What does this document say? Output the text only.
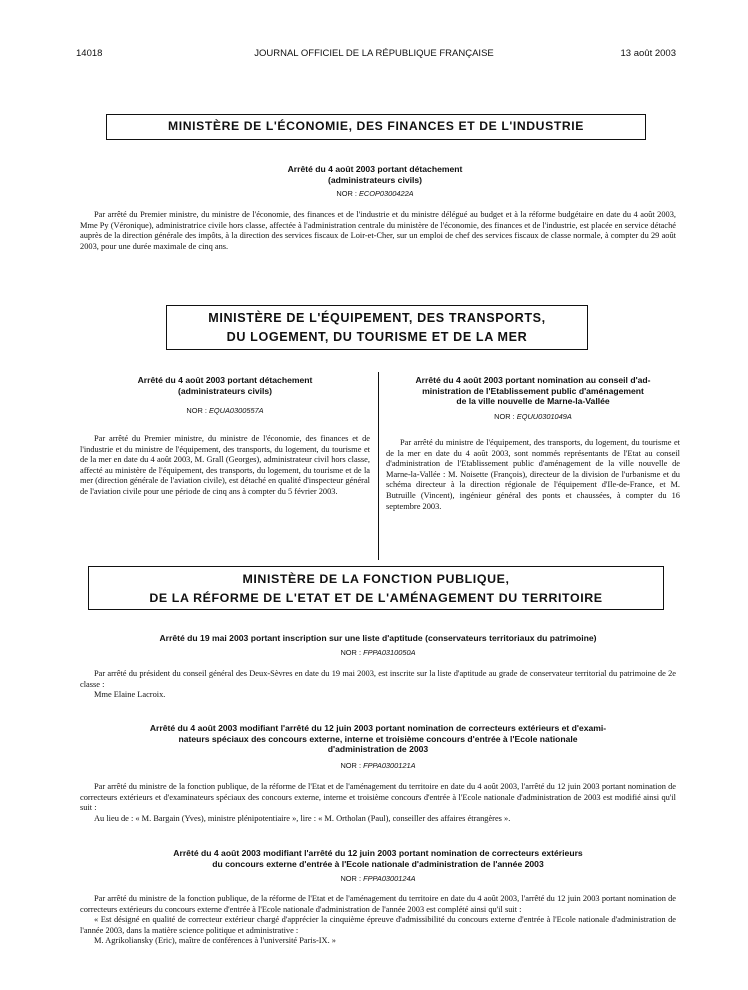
14018	JOURNAL OFFICIEL DE LA RÉPUBLIQUE FRANÇAISE	13 août 2003
MINISTÈRE DE L'ÉCONOMIE, DES FINANCES ET DE L'INDUSTRIE
Arrêté du 4 août 2003 portant détachement
(administrateurs civils)
NOR : ECOP0300422A

Par arrêté du Premier ministre, du ministre de l'économie, des finances et de l'industrie et du ministre délégué au budget et à la réforme budgétaire en date du 4 août 2003, Mme Py (Véronique), administratrice civile hors classe, affectée à l'administration centrale du ministère de l'économie, des finances et de l'industrie, est placée en service détaché auprès de la direction générale des impôts, à la direction des services fiscaux de Loir-et-Cher, sur un emploi de chef des services fiscaux de classe normale, à compter du 29 août 2003, pour une durée maximale de cinq ans.

MINISTÈRE DE L'ÉQUIPEMENT, DES TRANSPORTS,
DU LOGEMENT, DU TOURISME ET DE LA MER
Arrêté du 4 août 2003 portant détachement
(administrateurs civils)
NOR : EQUA0300557A

Par arrêté du Premier ministre, du ministre de l'économie, des finances et de l'industrie et du ministre de l'équipement, des transports, du logement, du tourisme et de la mer en date du 4 août 2003, M. Grall (Georges), administrateur civil hors classe, affecté au ministère de l'équipement, des transports, du logement, du tourisme et de la mer (direction générale de l'aviation civile), est détaché en qualité d'inspecteur général de l'aviation civile pour une période de cinq ans à compter du 5 février 2003.

Arrêté du 4 août 2003 portant nomination au conseil d'ad-
ministration de l'Etablissement public d'aménagement
de la ville nouvelle de Marne-la-Vallée
NOR : EQUU0301049A

Par arrêté du ministre de l'équipement, des transports, du logement, du tourisme et de la mer en date du 4 août 2003, sont nommés représentants de l'Etat au conseil d'administration de l'Etablissement public d'aménagement de la ville nouvelle de Marne-la-Vallée : M. Noisette (François), directeur de la division de l'urbanisme et du schéma directeur à la direction régionale de l'équipement d'Ile-de-France, et M. Butruille (Vincent), ingénieur général des ponts et chaussées, à compter du 16 septembre 2003.

MINISTÈRE DE LA FONCTION PUBLIQUE,
DE LA RÉFORME DE L'ETAT ET DE L'AMÉNAGEMENT DU TERRITOIRE
Arrêté du 19 mai 2003 portant inscription sur une liste d'aptitude (conservateurs territoriaux du patrimoine)
NOR : FPPA0310050A

Par arrêté du président du conseil général des Deux-Sèvres en date du 19 mai 2003, est inscrite sur la liste d'aptitude au grade de conservateur territorial du patrimoine de 2e classe :

Mme Elaine Lacroix.

Arrêté du 4 août 2003 modifiant l'arrêté du 12 juin 2003 portant nomination de correcteurs extérieurs et d'exami-
nateurs spéciaux des concours externe, interne et troisième concours d'entrée à l'Ecole nationale
d'administration de 2003
NOR : FPPA0300121A

Par arrêté du ministre de la fonction publique, de la réforme de l'Etat et de l'aménagement du territoire en date du 4 août 2003, l'arrêté du 12 juin 2003 portant nomination de correcteurs extérieurs et d'examinateurs spéciaux des concours externe, interne et troisième concours d'entrée à l'Ecole nationale d'administration de 2003 est modifié ainsi qu'il suit :

Au lieu de : « M. Bargain (Yves), ministre plénipotentiaire », lire : « M. Ortholan (Paul), conseiller des affaires étrangères ».

Arrêté du 4 août 2003 modifiant l'arrêté du 12 juin 2003 portant nomination de correcteurs extérieurs
du concours externe d'entrée à l'Ecole nationale d'administration de l'année 2003
NOR : FPPA0300124A

Par arrêté du ministre de la fonction publique, de la réforme de l'Etat et de l'aménagement du territoire en date du 4 août 2003, l'arrêté du 12 juin 2003 portant nomination de correcteurs extérieurs du concours externe d'entrée à l'Ecole nationale d'administration de l'année 2003 est complété ainsi qu'il suit :

« Est désigné en qualité de correcteur extérieur chargé d'apprécier la cinquième épreuve d'admissibilité du concours externe d'entrée à l'Ecole nationale d'administration de l'année 2003, dans la matière science politique et administrative :

M. Agrikoliansky (Eric), maître de conférences à l'université Paris-IX. »
